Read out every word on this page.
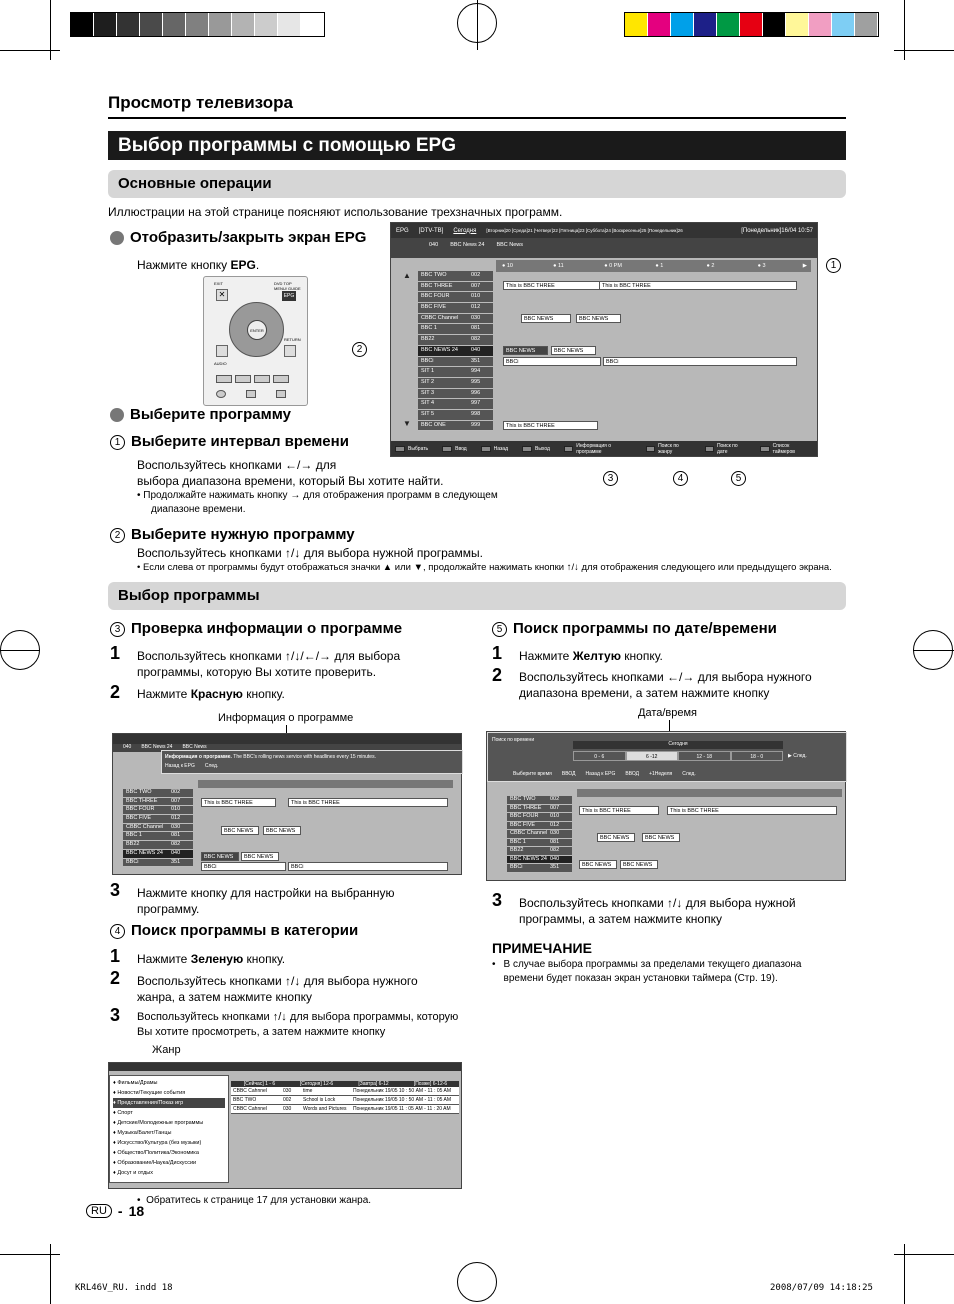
Просмотр телевизора
Выбор программы с помощью EPG
Основные операции
Иллюстрации на этой странице поясняют использование трехзначных программ.
Отобразить/закрыть экран EPG
Нажмите кнопку EPG.
✕
EXIT	DVD TOP MENU/ GUIDE
EPG
ENTER
RETURN
AUDIO
EPG [DTV-TB] Сегодня [Вторник]20 [Среда]21 [Четверг]22 [Пятница]23 [Суббота]24 [Воскресенье]25 [Понедельник]26	[Понедельник]16/04 10:57
040 BBC News 24 BBC News
● 10	● 11	● 0 PM	● 1	● 2	● 3	▶
BBC TWO	002
BBC THREE	007
BBC FOUR	010
BBC FIVE	012
CBBC Channel	030
BBC 1	081
BB22	082
BBC NEWS 24	040
BBCi	351
SIT 1	994
SIT 2	995
SIT 3	996
SIT 4	997
SIT 5	998
BBC ONE	999
▲
▼
This is BBC THREE	This is BBC THREE
BBC NEWS	BBC NEWS
BBC NEWS	BBC NEWS
BBCi	BBCi
This is BBC THREE
Выбрать	Ввод	Назад	Выход	Информация о программе
Поиск по жанру
Поиск по дате
Список таймеров
1
2
3	4	5
Выберите программу
1 Выберите интервал времени
Воспользуйтесь кнопками ←/→ для
выбора диапазона времени, который Вы хотите найти.
• Продолжайте нажимать кнопку → для отображения программ в следующем
диапазоне времени.
2 Выберите нужную программу
Воспользуйтесь кнопками ↑/↓ для выбора нужной программы.
• Если слева от программы будут отображаться значки ▲ или ▼, продолжайте нажимать кнопки ↑/↓ для отображения следующего или предыдущего экрана.
Выбор программы
3 Проверка информации о программе
1 Воспользуйтесь кнопками ↑/↓/←/→ для выбора программы, которую Вы хотите проверить.
2 Нажмите Красную кнопку.
Информация о программе
040 BBC News 24 BBC News
Информация о программе. The BBC's rolling news service with headlines every 15 minutes.
Назад к EPG След.
BBC TWO	002
BBC THREE	007
BBC FOUR	010
BBC FIVE	012
CBBC Channel	030
BBC 1	081
BB22	082
BBC NEWS 24	040
BBCi	351
This is BBC THREE	This is BBC THREE
BBC NEWS	BBC NEWS
BBC NEWS	BBC NEWS
BBCi	BBCi
3 Нажмите кнопку для настройки на выбранную программу.
4 Поиск программы в категории
1 Нажмите Зеленую кнопку.
2 Воспользуйтесь кнопками ↑/↓ для выбора нужного жанра, а затем нажмите кнопку
3 Воспользуйтесь кнопками ↑/↓ для выбора программы, которую Вы хотите просмотреть, а затем нажмите кнопку
Жанр
♦ Фильмы/Драмы
♦ Новости/Текущие события
♦ Представления/Показ игр
♦ Спорт
♦ Детские/Молодежные программы
♦ Музыка/Балет/Танцы
♦ Искусство/Культура (без музыки)
♦ Общество/Политика/Экономика
♦ Образование/Наука/Дискуссии
♦ Досуг и отдых
[Сейчас] 1 - 6	[Сегодня] 12-6	[Завтра] 6-12	[Позже] 6-12-6
CBBC Cahnnel	030	time	Понедельник 19/05 10 : 50 AM - 11 : 05 AM
BBC TWO	002	School is Lock	Понедельник 19/05 10 : 50 AM - 11 : 05 AM
CBBC Cahnnel	030	Words and Pictures	Понедельник 19/05 11 : 05 AM - 11 : 20 AM
•  Обратитесь к странице 17 для установки жанра.
5 Поиск программы по дате/времени
1 Нажмите Желтую кнопку.
2 Воспользуйтесь кнопками ←/→ для выбора нужного диапазона времени, а затем нажмите кнопку
Дата/время
Поиск по времени
Сегодня
0 - 6	6 -12	12 - 18	18 - 0	▶ След.
Выберите время ВВОД Назад к EPG ВВОД +1Неделя След.
BBC TWO	002
BBC THREE	007
BBC FOUR	010
BBC FIVE	012
CBBC Channel 030
BBC 1	081
BB22	082
BBC NEWS 24 040
BBCi	351
This is BBC THREE	This is BBC THREE
BBC NEWS	BBC NEWS
BBC NEWS	BBC NEWS
3 Воспользуйтесь кнопками ↑/↓ для выбора нужной программы, а затем нажмите кнопку
ПРИМЕЧАНИЕ
• В случае выбора программы за пределами текущего диапазона времени будет показан экран установки таймера (Стр. 19).
RU - 18
KRL46V_RU. indd 18	2008/07/09 14:18:25
